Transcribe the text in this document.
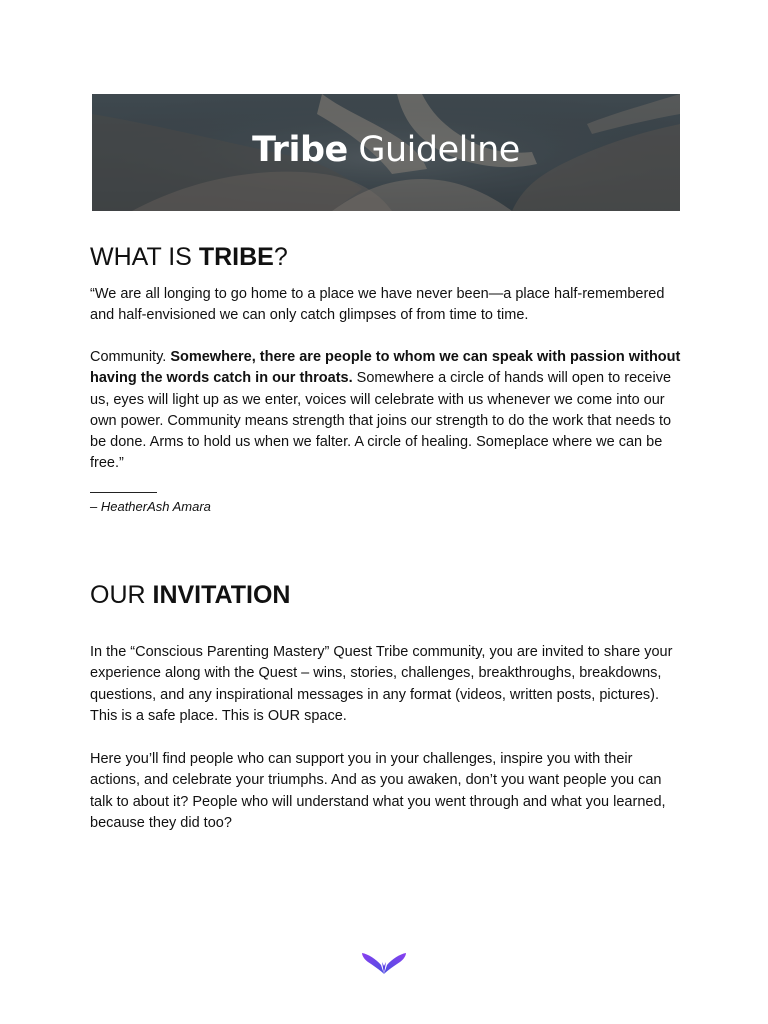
Tribe Guideline
WHAT IS TRIBE?

“We are all longing to go home to a place we have never been—a place half-remembered and half-envisioned we can only catch glimpses of from time to time.

Community. Somewhere, there are people to whom we can speak with passion without having the words catch in our throats. Somewhere a circle of hands will open to receive us, eyes will light up as we enter, voices will celebrate with us whenever we come into our own power. Community means strength that joins our strength to do the work that needs to be done. Arms to hold us when we falter. A circle of healing. Someplace where we can be free.”

– HeatherAsh Amara

OUR INVITATION

In the “Conscious Parenting Mastery” Quest Tribe community, you are invited to share your experience along with the Quest – wins, stories, challenges, breakthroughs, breakdowns, questions, and any inspirational messages in any format (videos, written posts, pictures). This is a safe place. This is OUR space.

Here you’ll find people who can support you in your challenges, inspire you with their actions, and celebrate your triumphs. And as you awaken, don’t you want people you can talk to about it? People who will understand what you went through and what you learned, because they did too?
